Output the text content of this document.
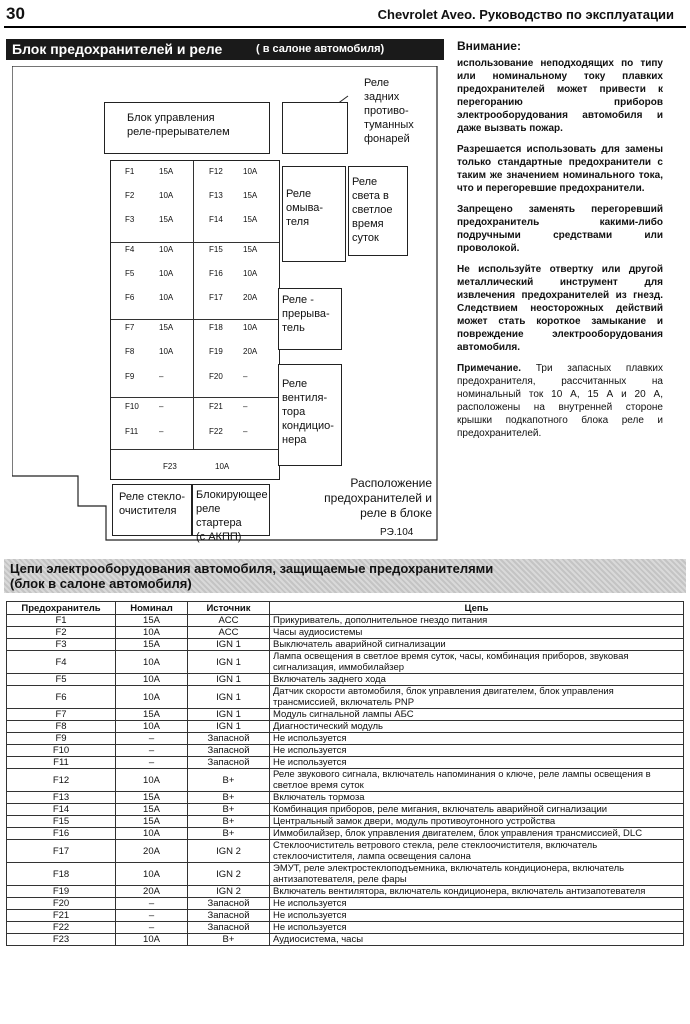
30	Chevrolet Aveo. Руководство по эксплуатации
Блок предохранителей и реле	( в салоне автомобиля)
Реле
задних
противо-
туманных
фонарей
Блок управления
реле-прерывателем
F1	15A
F2	10A
F3	15A
F4	10A
F5	10A
F6	10A
F7	15A
F8	10A
F9	–
F10	–
F11	–
F12	10A
F13	15A
F14	15A
F15	15A
F16	10A
F17	20A
F18	10A
F19	20A
F20	–
F21	–
F22	–
F23	10A
Реле
омыва-
теля
Реле
света в
светлое
время
суток
Реле -
прерыва-
тель
Реле
вентиля-
тора
кондицио-
нера
Реле стекло-
очистителя
Блокирующее
реле стартера
(с АКПП)
Расположение
предохранителей и
реле в блоке
РЭ.104
Внимание:

использование неподходящих по типу или номинальному току плавких предохранителей может привести к перегорaнию приборов электрооборудования автомобиля и даже вызвать пожар.

Разрешается использовать для замены только стандартные предохранители с таким же значением номинального тока, что и перегоревшие предохранители.

Запрещено заменять перегоревший предохранитель какими-либо подручными средствами или проволокой.

Не используйте отвертку или другой металлический инструмент для извлечения предохранителей из гнезд. Следствием неосторожных действий может стать короткое замыкание и повреждение электрооборудования автомобиля.

Примечание. Три запасных плавких предохранителя, рассчитанных на номинальный ток 10 А, 15 А и 20 А, расположены на внутренней стороне крышки подкапотного блока реле и предохранителей.

Цепи электрооборудования автомобиля, защищаемые предохранителями
(блок в салоне автомобиля)
Предохранитель	Номинал	Источник	Цепь
F1	15A	ACC	Прикуриватель, дополнительное гнездо питания
F2	10A	ACC	Часы аудиосистемы
F3	15A	IGN 1	Выключатель аварийной сигнализации
F4	10A	IGN 1	Лампа освещения в светлое время суток, часы, комбинация приборов, звуковая сигнализация, иммобилайзер
F5	10A	IGN 1	Включатель заднего хода
F6	10A	IGN 1	Датчик скорости автомобиля, блок управления двигателем, блок управления трансмиссией, включатель PNP
F7	15A	IGN 1	Модуль сигнальной лампы АБС
F8	10A	IGN 1	Диагностический модуль
F9	–	Запасной	Не используется
F10	–	Запасной	Не используется
F11	–	Запасной	Не используется
F12	10A	B+	Реле звукового сигнала, включатель напоминания о ключе, реле лампы освещения в светлое время суток
F13	15A	B+	Включатель тормоза
F14	15A	B+	Комбинация приборов, реле мигания, включатель аварийной сигнализации
F15	15A	B+	Центральный замок двери, модуль противоугонного устройства
F16	10A	B+	Иммобилайзер, блок управления двигателем, блок управления трансмиссией, DLC
F17	20A	IGN 2	Стеклоочиститель ветрового стекла, реле стеклоочистителя, включатель стеклоочистителя, лампа освещения салона
F18	10A	IGN 2	ЭМУТ, реле электростеклоподъемника, включатель кондиционера, включатель антизапотевателя, реле фары
F19	20A	IGN 2	Включатель вентилятора, включатель кондиционера, включатель антизапотевателя
F20	–	Запасной	Не используется
F21	–	Запасной	Не используется
F22	–	Запасной	Не используется
F23	10A	B+	Аудиосистема, часы
